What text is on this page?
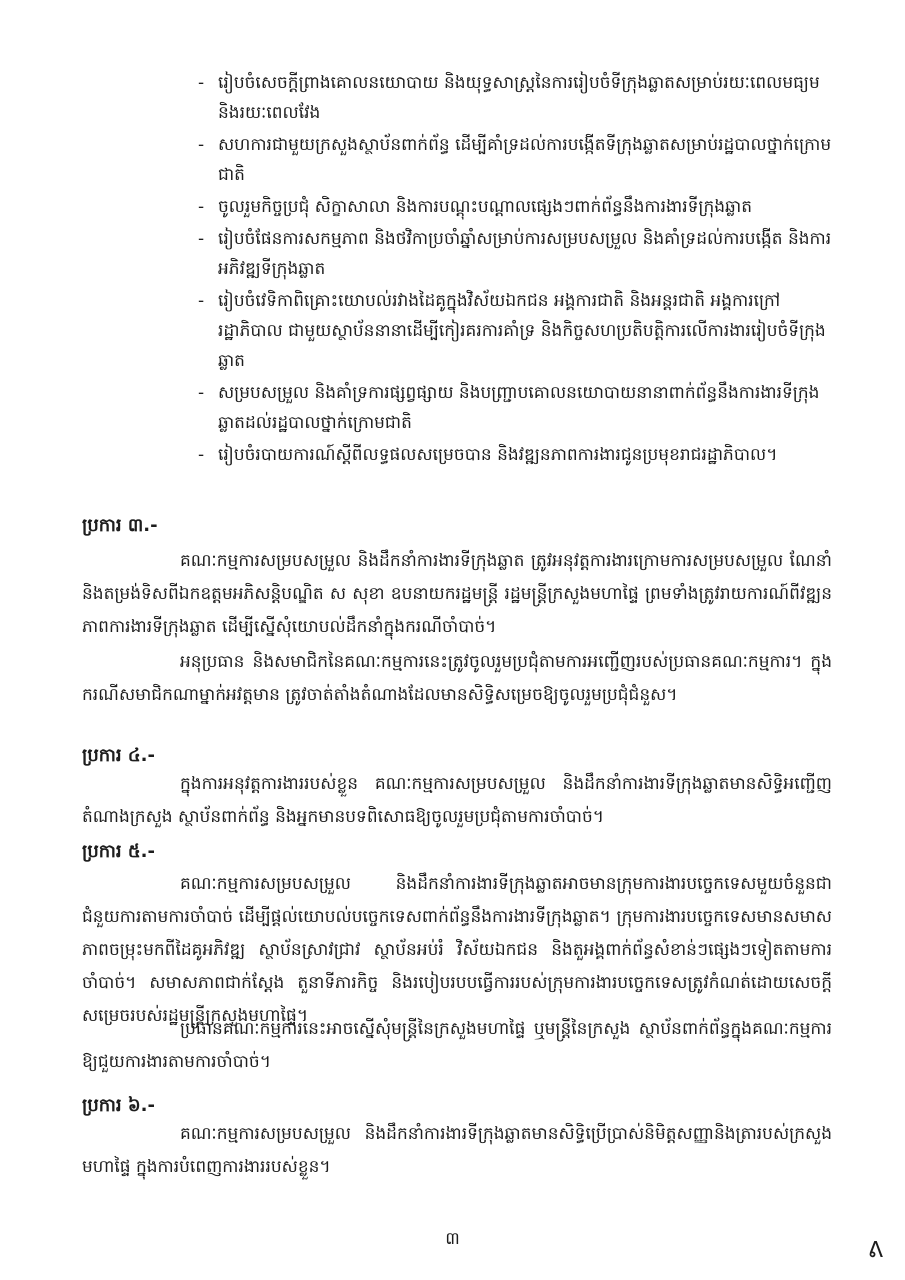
- រៀបចំសេចក្តីព្រាងគោលនយោបាយ និងយុទ្ធសាស្ត្រនៃការរៀបចំទីក្រុងឆ្លាតសម្រាប់រយៈពេលមធ្យម និងរយៈពេលវែង
- សហការជាមួយក្រសួងស្ថាប័នពាក់ព័ន្ធ ដើម្បីគាំទ្រដល់ការបង្កើតទីក្រុងឆ្លាតសម្រាប់រដ្ឋបាលថ្នាក់ក្រោមជាតិ
- ចូលរួមកិច្ចប្រជុំ សិក្ខាសាលា និងការបណ្តុះបណ្តាលផ្សេងៗពាក់ព័ន្ធនឹងការងារទីក្រុងឆ្លាត
- រៀបចំផែនការសកម្មភាព និងថវិកាប្រចាំឆ្នាំសម្រាប់ការសម្របសម្រួល និងគាំទ្រដល់ការបង្កើត និងការអភិវឌ្ឍទីក្រុងឆ្លាត
- រៀបចំវេទិកាពិគ្រោះយោបល់រវាងដៃគូក្នុងវិស័យឯកជន អង្គការជាតិ និងអន្តរជាតិ អង្គការក្រៅរដ្ឋាភិបាល ជាមួយស្ថាប័ននានាដើម្បីកៀរគរការគាំទ្រ និងកិច្ចសហប្រតិបត្តិការលើការងាររៀបចំទីក្រុងឆ្លាត
- សម្របសម្រួល និងគាំទ្រការផ្សព្វផ្សាយ និងបញ្ជ្រាបគោលនយោបាយនានាពាក់ព័ន្ធនឹងការងារទីក្រុងឆ្លាតដល់រដ្ឋបាលថ្នាក់ក្រោមជាតិ
- រៀបចំរបាយការណ៍ស្តីពីលទ្ធផលសម្រេចបាន និងវឌ្ឍនភាពការងារជូនប្រមុខរាជរដ្ឋាភិបាល។
ប្រការ ៣.-
គណៈកម្មការសម្របសម្រួល និងដឹកនាំការងារទីក្រុងឆ្លាត ត្រូវអនុវត្តការងារក្រោមការសម្របសម្រួល ណែនាំ និងតម្រង់ទិសពីឯកឧត្តមអភិសន្តិបណ្ឌិត ស សុខា ឧបនាយករដ្ឋមន្ត្រី រដ្ឋមន្ត្រីក្រសួងមហាផ្ទៃ ព្រមទាំងត្រូវរាយការណ៍ពីវឌ្ឍនភាពការងារទីក្រុងឆ្លាត ដើម្បីស្នើសុំយោបល់ដឹកនាំក្នុងករណីចាំបាច់។
អនុប្រធាន និងសមាជិកនៃគណៈកម្មការនេះត្រូវចូលរួមប្រជុំតាមការអញ្ជើញរបស់ប្រធានគណៈកម្មការ។ ក្នុងករណីសមាជិកណាម្នាក់អវត្តមាន ត្រូវចាត់តាំងតំណាងដែលមានសិទ្ធិសម្រេចឱ្យចូលរួមប្រជុំជំនួស។
ប្រការ ៤.-
ក្នុងការអនុវត្តការងាររបស់ខ្លួន គណៈកម្មការសម្របសម្រួល និងដឹកនាំការងារទីក្រុងឆ្លាតមានសិទ្ធិអញ្ជើញតំណាងក្រសួង ស្ថាប័នពាក់ព័ន្ធ និងអ្នកមានបទពិសោធឱ្យចូលរួមប្រជុំតាមការចាំបាច់។
ប្រការ ៥.-
គណៈកម្មការសម្របសម្រួល និងដឹកនាំការងារទីក្រុងឆ្លាតអាចមានក្រុមការងារបច្ចេកទេសមួយចំនួនជាជំនួយការតាមការចាំបាច់ ដើម្បីផ្តល់យោបល់បច្ចេកទេសពាក់ព័ន្ធនឹងការងារទីក្រុងឆ្លាត។ ក្រុមការងារបច្ចេកទេសមានសមាសភាពចម្រុះមកពីដៃគូអភិវឌ្ឍ ស្ថាប័នស្រាវជ្រាវ ស្ថាប័នអប់រំ វិស័យឯកជន និងតួអង្គពាក់ព័ន្ធសំខាន់ៗផ្សេងៗទៀតតាមការចាំបាច់។ សមាសភាពជាក់ស្តែង តួនាទីភារកិច្ច និងរបៀបរបបធ្វើការរបស់ក្រុមការងារបច្ចេកទេសត្រូវកំណត់ដោយសេចក្តីសម្រេចរបស់រដ្ឋមន្ត្រីក្រសួងមហាផ្ទៃ។
ប្រធានគណៈកម្មការនេះអាចស្នើសុំមន្ត្រីនៃក្រសួងមហាផ្ទៃ ឬមន្ត្រីនៃក្រសួង ស្ថាប័នពាក់ព័ន្ធក្នុងគណៈកម្មការឱ្យជួយការងារតាមការចាំបាច់។
ប្រការ ៦.-
គណៈកម្មការសម្របសម្រួល និងដឹកនាំការងារទីក្រុងឆ្លាតមានសិទ្ធិប្រើប្រាស់និមិត្តសញ្ញានិងត្រារបស់ក្រសួងមហាផ្ទៃ ក្នុងការបំពេញការងាររបស់ខ្លួន។
៣	ᕕ
